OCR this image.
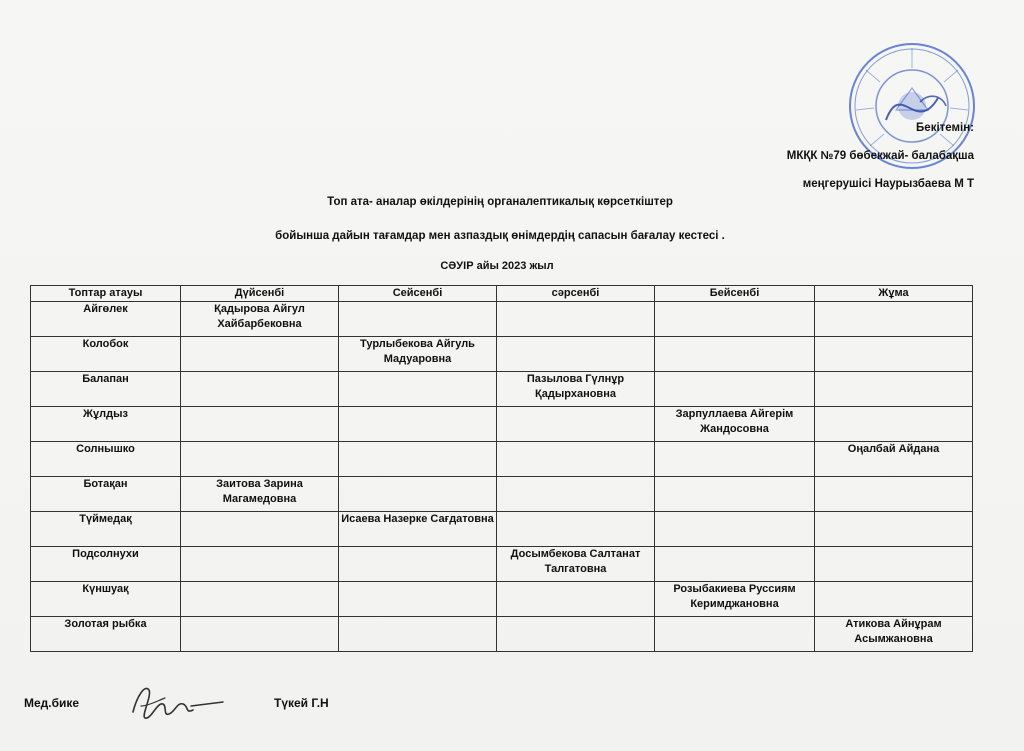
Бекітемін:
МКҚК №79 бөбекжай- балабақша
меңгерушісі Наурызбаева М Т
Топ ата- аналар өкілдерінің органалептикалық көрсеткіштер
бойынша дайын тағамдар мен азпаздық өнімдердің сапасын бағалау кестесі .
СӘУІР айы 2023 жыл
Топтар атауы	Дүйсенбі	Сейсенбі	сәрсенбі	Бейсенбі	Жұма
Айгөлек	Қадырова Айгул Хайбарбековна				
Колобок		Турлыбекова Айгуль Мадуаровна			
Балапан			Пазылова Гүлнұр Қадырхановна		
Жұлдыз				Зарпуллаева Айгерім Жандосовна	
Солнышко					Оңалбай Айдана
Ботақан	Заитова Зарина Магамедовна				
Түймедақ		Исаева Назерке Сағдатовна			
Подсолнухи			Досымбекова Салтанат Талгатовна		
Күншуақ				Розыбакиева Руссиям Керимджановна	
Золотая рыбка					Атикова Айнұрам Асымжановна
Мед.бике	Түкей Г.Н
